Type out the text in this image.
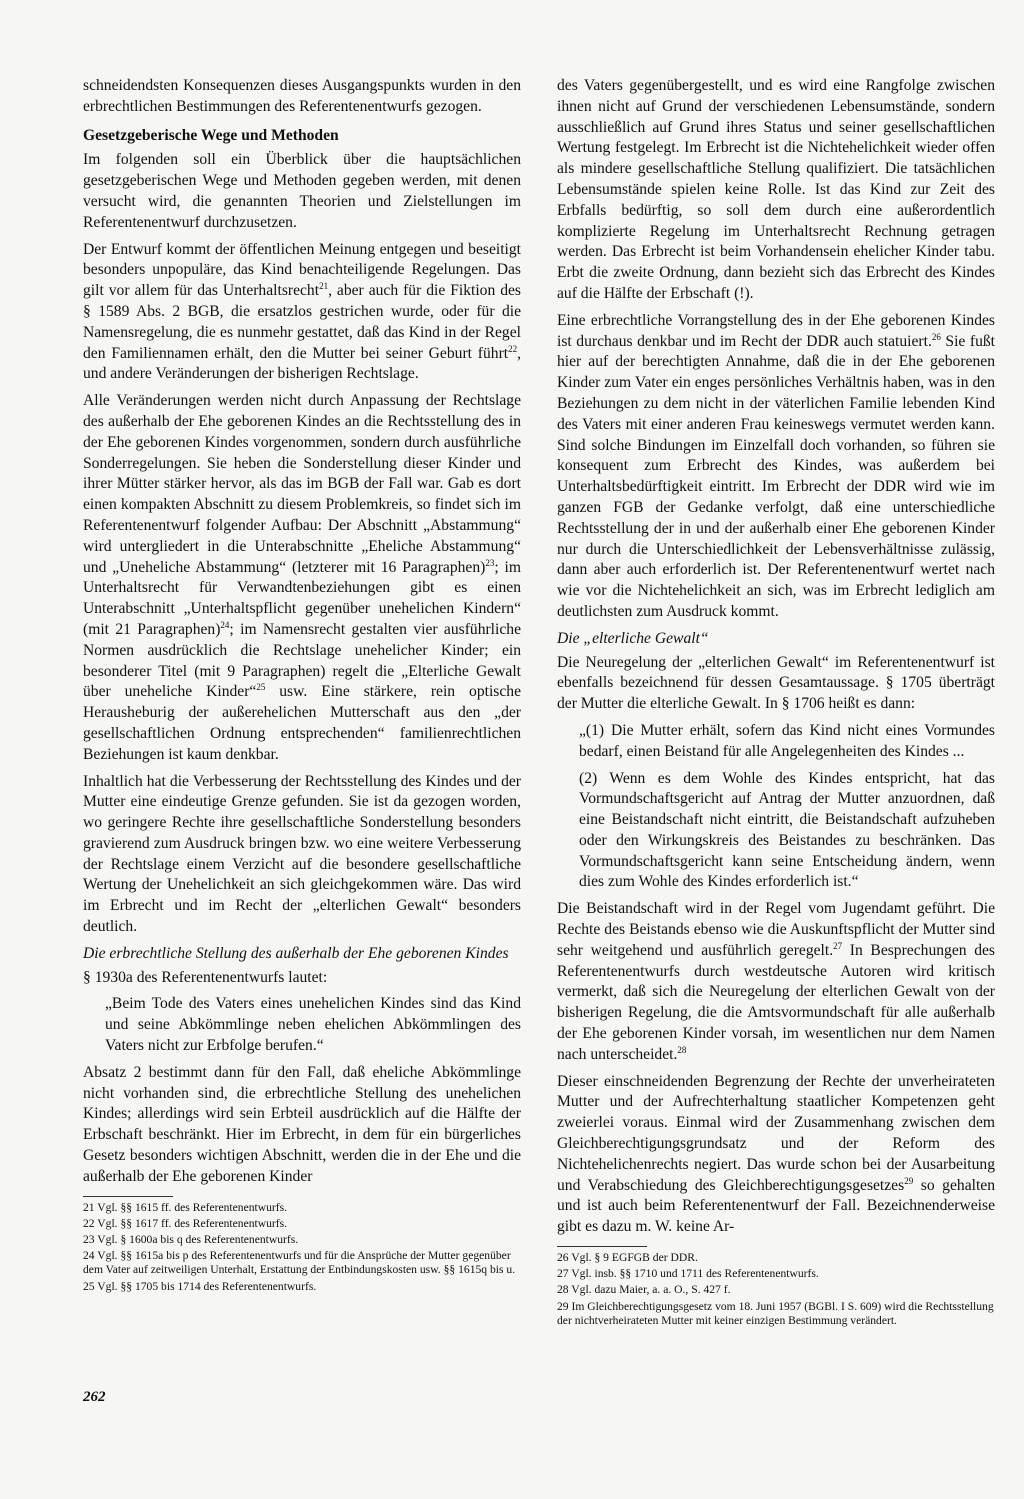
schneidendsten Konsequenzen dieses Ausgangspunkts wurden in den erbrechtlichen Bestimmungen des Referentenentwurfs gezogen.

Gesetzgeberische Wege und Methoden

Im folgenden soll ein Überblick über die hauptsächlichen gesetzgeberischen Wege und Methoden gegeben werden, mit denen versucht wird, die genannten Theorien und Zielstellungen im Referentenentwurf durchzusetzen.

Der Entwurf kommt der öffentlichen Meinung entgegen und beseitigt besonders unpopuläre, das Kind benachteiligende Regelungen. Das gilt vor allem für das Unterhaltsrecht$^{21}$, aber auch für die Fiktion des § 1589 Abs. 2 BGB, die ersatzlos gestrichen wurde, oder für die Namensregelung, die es nunmehr gestattet, daß das Kind in der Regel den Familiennamen erhält, den die Mutter bei seiner Geburt führt$^{22}$, und andere Veränderungen der bisherigen Rechtslage.

Alle Veränderungen werden nicht durch Anpassung der Rechtslage des außerhalb der Ehe geborenen Kindes an die Rechtsstellung des in der Ehe geborenen Kindes vorgenommen, sondern durch ausführliche Sonderregelungen. Sie heben die Sonderstellung dieser Kinder und ihrer Mütter stärker hervor, als das im BGB der Fall war. Gab es dort einen kompakten Abschnitt zu diesem Problemkreis, so findet sich im Referentenentwurf folgender Aufbau: Der Abschnitt „Abstammung“ wird untergliedert in die Unterabschnitte „Eheliche Abstammung“ und „Uneheliche Abstammung“ (letzterer mit 16 Paragraphen)$^{23}$; im Unterhaltsrecht für Verwandtenbeziehungen gibt es einen Unterabschnitt „Unterhaltspflicht gegenüber unehelichen Kindern“ (mit 21 Paragraphen)$^{24}$; im Namensrecht gestalten vier ausführliche Normen ausdrücklich die Rechtslage unehelicher Kinder; ein besonderer Titel (mit 9 Paragraphen) regelt die „Elterliche Gewalt über uneheliche Kinder“$^{25}$ usw. Eine stärkere, rein optische Herausheburig der außerehelichen Mutterschaft aus den „der gesellschaftlichen Ordnung entsprechenden“ familienrechtlichen Beziehungen ist kaum denkbar.

Inhaltlich hat die Verbesserung der Rechtsstellung des Kindes und der Mutter eine eindeutige Grenze gefunden. Sie ist da gezogen worden, wo geringere Rechte ihre gesellschaftliche Sonderstellung besonders gravierend zum Ausdruck bringen bzw. wo eine weitere Verbesserung der Rechtslage einem Verzicht auf die besondere gesellschaftliche Wertung der Unehelichkeit an sich gleichgekommen wäre. Das wird im Erbrecht und im Recht der „elterlichen Gewalt“ besonders deutlich.

Die erbrechtliche Stellung des außerhalb der Ehe geborenen Kindes

§ 1930a des Referentenentwurfs lautet:

„Beim Tode des Vaters eines unehelichen Kindes sind das Kind und seine Abkömmlinge neben ehelichen Abkömmlingen des Vaters nicht zur Erbfolge berufen.“

Absatz 2 bestimmt dann für den Fall, daß eheliche Abkömmlinge nicht vorhanden sind, die erbrechtliche Stellung des unehelichen Kindes; allerdings wird sein Erbteil ausdrücklich auf die Hälfte der Erbschaft beschränkt. Hier im Erbrecht, in dem für ein bürgerliches Gesetz besonders wichtigen Abschnitt, werden die in der Ehe und die außerhalb der Ehe geborenen Kinder

21 Vgl. §§ 1615 ff. des Referentenentwurfs.

22 Vgl. §§ 1617 ff. des Referentenentwurfs.

23 Vgl. § 1600a bis q des Referentenentwurfs.

24 Vgl. §§ 1615a bis p des Referentenentwurfs und für die Ansprüche der Mutter gegenüber dem Vater auf zeitweiligen Unterhalt, Erstattung der Entbindungskosten usw. §§ 1615q bis u.

25 Vgl. §§ 1705 bis 1714 des Referentenentwurfs.

des Vaters gegenübergestellt, und es wird eine Rangfolge zwischen ihnen nicht auf Grund der verschiedenen Lebensumstände, sondern ausschließlich auf Grund ihres Status und seiner gesellschaftlichen Wertung festgelegt. Im Erbrecht ist die Nichtehelichkeit wieder offen als mindere gesellschaftliche Stellung qualifiziert. Die tatsächlichen Lebensumstände spielen keine Rolle. Ist das Kind zur Zeit des Erbfalls bedürftig, so soll dem durch eine außerordentlich komplizierte Regelung im Unterhaltsrecht Rechnung getragen werden. Das Erbrecht ist beim Vorhandensein ehelicher Kinder tabu. Erbt die zweite Ordnung, dann bezieht sich das Erbrecht des Kindes auf die Hälfte der Erbschaft (!).

Eine erbrechtliche Vorrangstellung des in der Ehe geborenen Kindes ist durchaus denkbar und im Recht der DDR auch statuiert.$^{26}$ Sie fußt hier auf der berechtigten Annahme, daß die in der Ehe geborenen Kinder zum Vater ein enges persönliches Verhältnis haben, was in den Beziehungen zu dem nicht in der väterlichen Familie lebenden Kind des Vaters mit einer anderen Frau keineswegs vermutet werden kann. Sind solche Bindungen im Einzelfall doch vorhanden, so führen sie konsequent zum Erbrecht des Kindes, was außerdem bei Unterhaltsbedürftigkeit eintritt. Im Erbrecht der DDR wird wie im ganzen FGB der Gedanke verfolgt, daß eine unterschiedliche Rechtsstellung der in und der außerhalb einer Ehe geborenen Kinder nur durch die Unterschiedlichkeit der Lebensverhältnisse zulässig, dann aber auch erforderlich ist. Der Referentenentwurf wertet nach wie vor die Nichtehelichkeit an sich, was im Erbrecht lediglich am deutlichsten zum Ausdruck kommt.

Die „elterliche Gewalt“

Die Neuregelung der „elterlichen Gewalt“ im Referentenentwurf ist ebenfalls bezeichnend für dessen Gesamtaussage. § 1705 überträgt der Mutter die elterliche Gewalt. In § 1706 heißt es dann:

„(1) Die Mutter erhält, sofern das Kind nicht eines Vormundes bedarf, einen Beistand für alle Angelegenheiten des Kindes ...

(2) Wenn es dem Wohle des Kindes entspricht, hat das Vormundschaftsgericht auf Antrag der Mutter anzuordnen, daß eine Beistandschaft nicht eintritt, die Beistandschaft aufzuheben oder den Wirkungskreis des Beistandes zu beschränken. Das Vormundschaftsgericht kann seine Entscheidung ändern, wenn dies zum Wohle des Kindes erforderlich ist.“

Die Beistandschaft wird in der Regel vom Jugendamt geführt. Die Rechte des Beistands ebenso wie die Auskunftspflicht der Mutter sind sehr weitgehend und ausführlich geregelt.$^{27}$ In Besprechungen des Referentenentwurfs durch westdeutsche Autoren wird kritisch vermerkt, daß sich die Neuregelung der elterlichen Gewalt von der bisherigen Regelung, die die Amtsvormundschaft für alle außerhalb der Ehe geborenen Kinder vorsah, im wesentlichen nur dem Namen nach unterscheidet.$^{28}$

Dieser einschneidenden Begrenzung der Rechte der unverheirateten Mutter und der Aufrechterhaltung staatlicher Kompetenzen geht zweierlei voraus. Einmal wird der Zusammenhang zwischen dem Gleichberechtigungsgrundsatz und der Reform des Nichtehelichenrechts negiert. Das wurde schon bei der Ausarbeitung und Verabschiedung des Gleichberechtigungsgesetzes$^{29}$ so gehalten und ist auch beim Referentenentwurf der Fall. Bezeichnenderweise gibt es dazu m. W. keine Ar-

26 Vgl. § 9 EGFGB der DDR.

27 Vgl. insb. §§ 1710 und 1711 des Referentenentwurfs.

28 Vgl. dazu Maier, a. a. O., S. 427 f.

29 Im Gleichberechtigungsgesetz vom 18. Juni 1957 (BGBl. I S. 609) wird die Rechtsstellung der nichtverheirateten Mutter mit keiner einzigen Bestimmung verändert.

262
